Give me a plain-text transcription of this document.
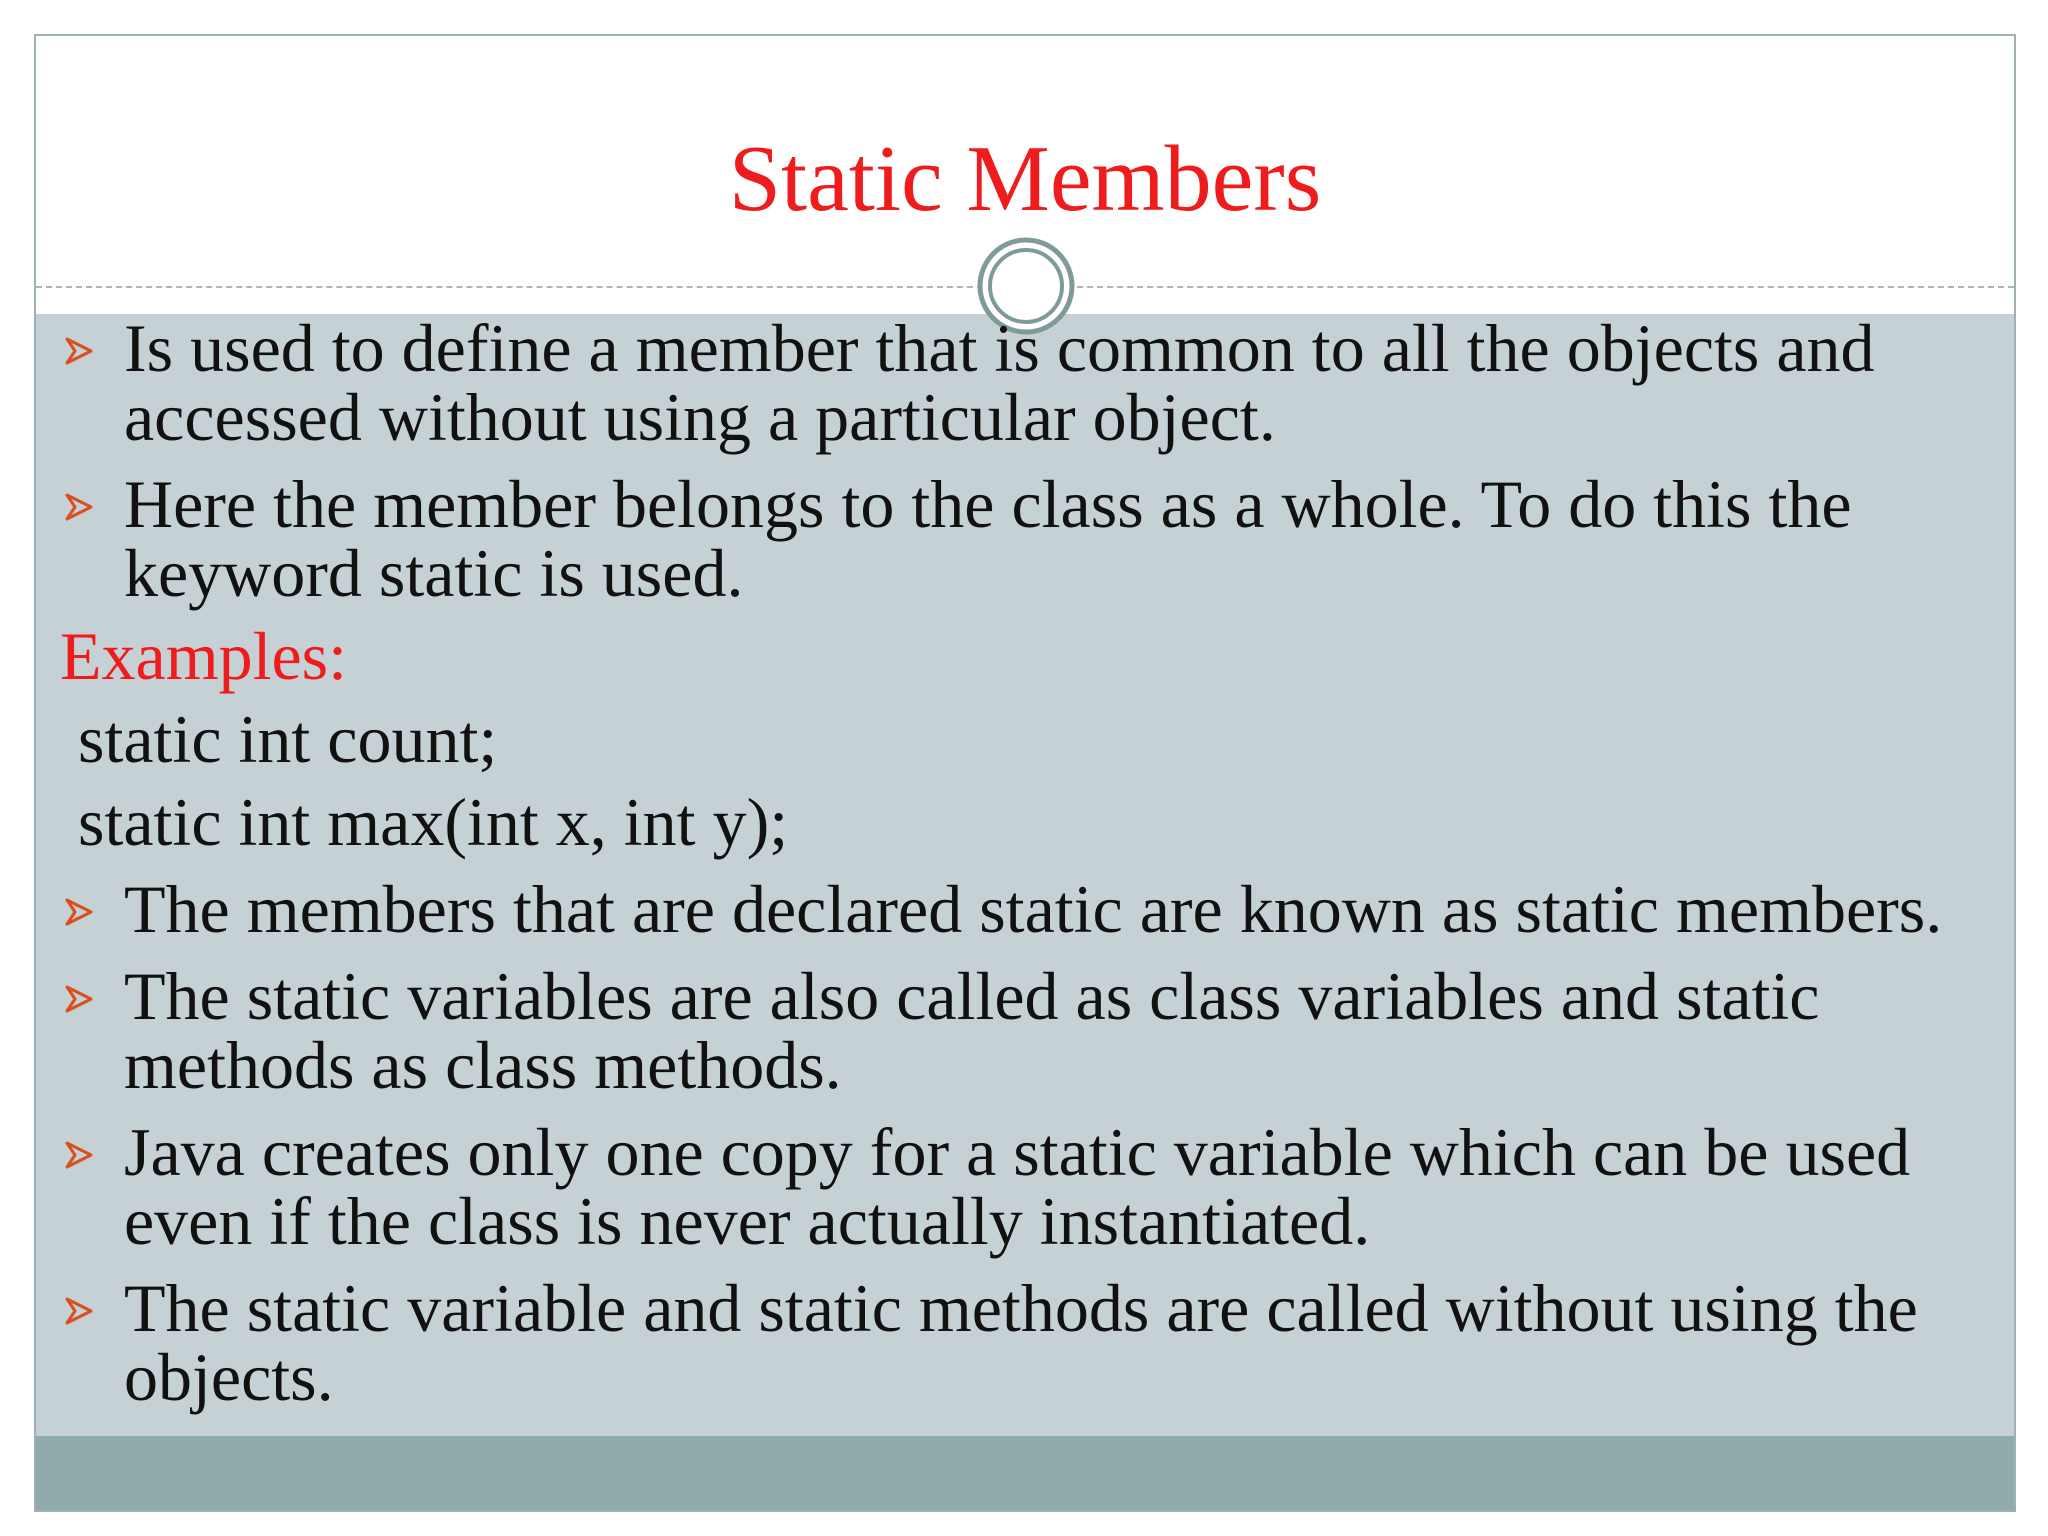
Static Members
Is used to define a member that is common to all the objects and accessed without using a particular object.
Here the member belongs to the class as a whole. To do this the keyword static is used.
Examples:
static int count;
static int max(int x, int y);
The members that are declared static are known as static members.
The static variables are also called as class variables and static methods as class methods.
Java creates only one copy for a static variable which can be used even if the class is never actually instantiated.
The static variable and static methods are called without using the objects.
